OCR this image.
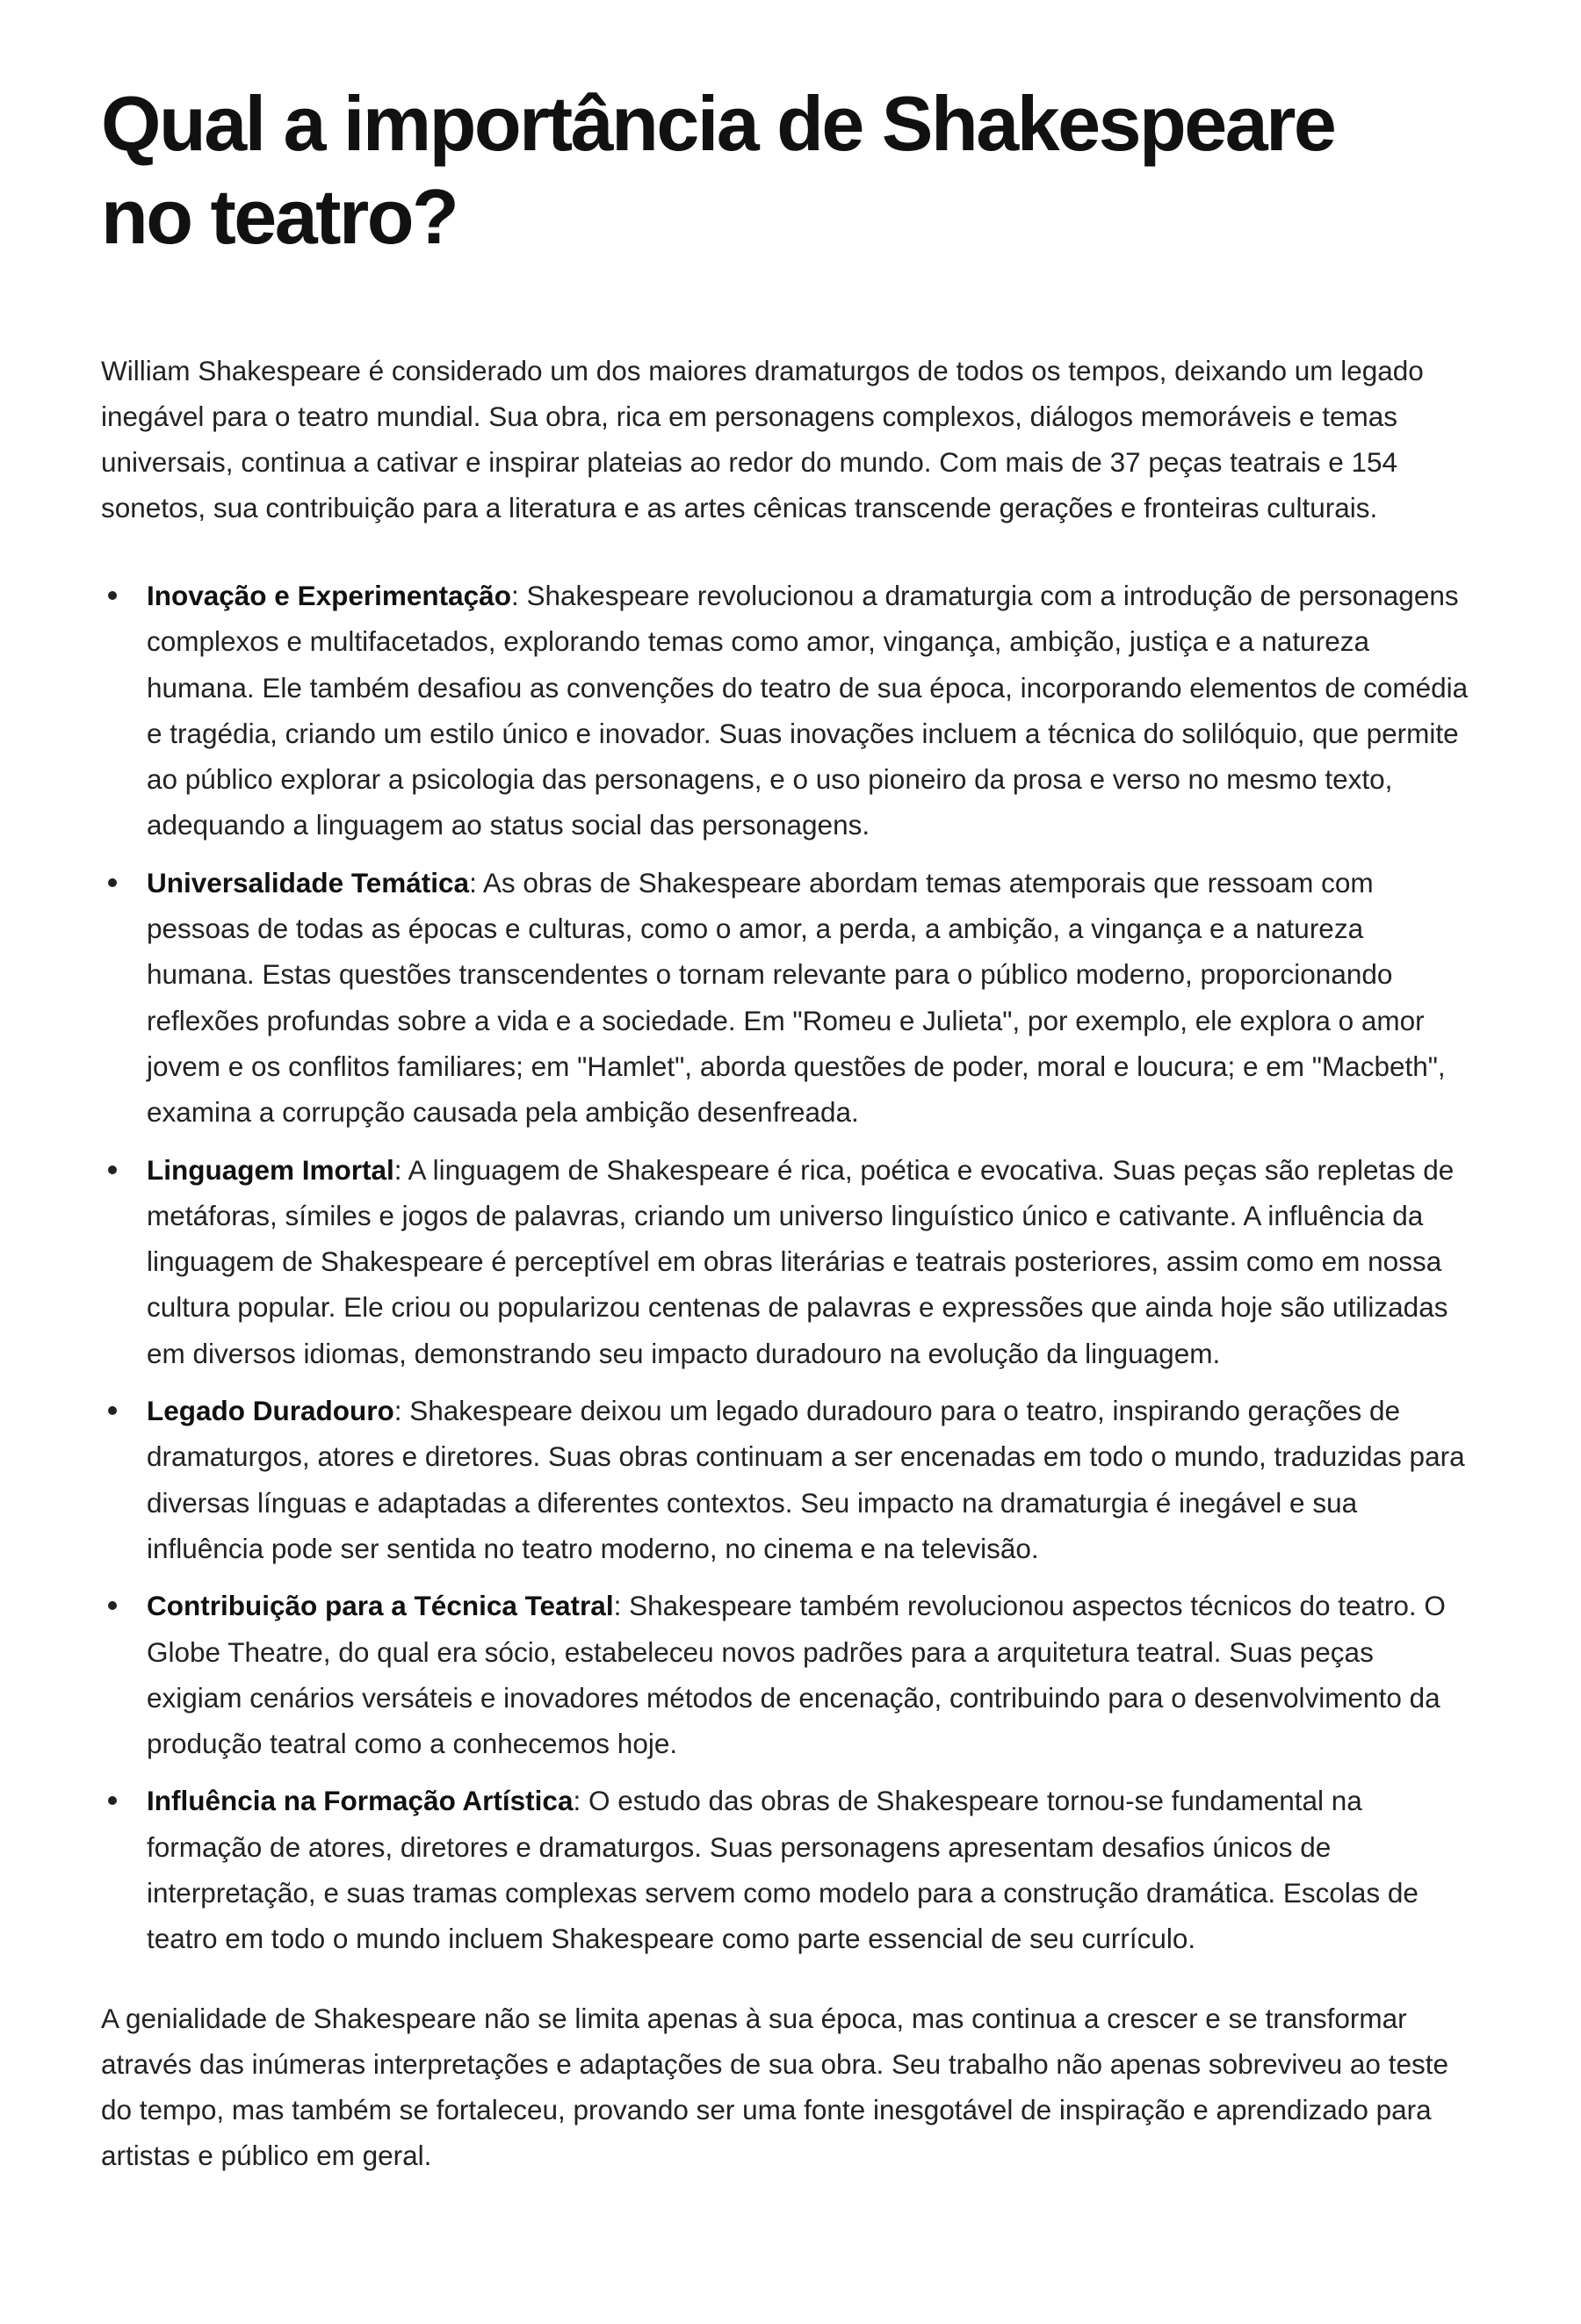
Qual a importância de Shakespeare no teatro?

William Shakespeare é considerado um dos maiores dramaturgos de todos os tempos, deixando um legado inegável para o teatro mundial. Sua obra, rica em personagens complexos, diálogos memoráveis e temas universais, continua a cativar e inspirar plateias ao redor do mundo. Com mais de 37 peças teatrais e 154 sonetos, sua contribuição para a literatura e as artes cênicas transcende gerações e fronteiras culturais.

Inovação e Experimentação: Shakespeare revolucionou a dramaturgia com a introdução de personagens complexos e multifacetados, explorando temas como amor, vingança, ambição, justiça e a natureza humana. Ele também desafiou as convenções do teatro de sua época, incorporando elementos de comédia e tragédia, criando um estilo único e inovador. Suas inovações incluem a técnica do solilóquio, que permite ao público explorar a psicologia das personagens, e o uso pioneiro da prosa e verso no mesmo texto, adequando a linguagem ao status social das personagens.
Universalidade Temática: As obras de Shakespeare abordam temas atemporais que ressoam com pessoas de todas as épocas e culturas, como o amor, a perda, a ambição, a vingança e a natureza humana. Estas questões transcendentes o tornam relevante para o público moderno, proporcionando reflexões profundas sobre a vida e a sociedade. Em "Romeu e Julieta", por exemplo, ele explora o amor jovem e os conflitos familiares; em "Hamlet", aborda questões de poder, moral e loucura; e em "Macbeth", examina a corrupção causada pela ambição desenfreada.
Linguagem Imortal: A linguagem de Shakespeare é rica, poética e evocativa. Suas peças são repletas de metáforas, símiles e jogos de palavras, criando um universo linguístico único e cativante. A influência da linguagem de Shakespeare é perceptível em obras literárias e teatrais posteriores, assim como em nossa cultura popular. Ele criou ou popularizou centenas de palavras e expressões que ainda hoje são utilizadas em diversos idiomas, demonstrando seu impacto duradouro na evolução da linguagem.
Legado Duradouro: Shakespeare deixou um legado duradouro para o teatro, inspirando gerações de dramaturgos, atores e diretores. Suas obras continuam a ser encenadas em todo o mundo, traduzidas para diversas línguas e adaptadas a diferentes contextos. Seu impacto na dramaturgia é inegável e sua influência pode ser sentida no teatro moderno, no cinema e na televisão.
Contribuição para a Técnica Teatral: Shakespeare também revolucionou aspectos técnicos do teatro. O Globe Theatre, do qual era sócio, estabeleceu novos padrões para a arquitetura teatral. Suas peças exigiam cenários versáteis e inovadores métodos de encenação, contribuindo para o desenvolvimento da produção teatral como a conhecemos hoje.
Influência na Formação Artística: O estudo das obras de Shakespeare tornou-se fundamental na formação de atores, diretores e dramaturgos. Suas personagens apresentam desafios únicos de interpretação, e suas tramas complexas servem como modelo para a construção dramática. Escolas de teatro em todo o mundo incluem Shakespeare como parte essencial de seu currículo.

A genialidade de Shakespeare não se limita apenas à sua época, mas continua a crescer e se transformar através das inúmeras interpretações e adaptações de sua obra. Seu trabalho não apenas sobreviveu ao teste do tempo, mas também se fortaleceu, provando ser uma fonte inesgotável de inspiração e aprendizado para artistas e público em geral.
